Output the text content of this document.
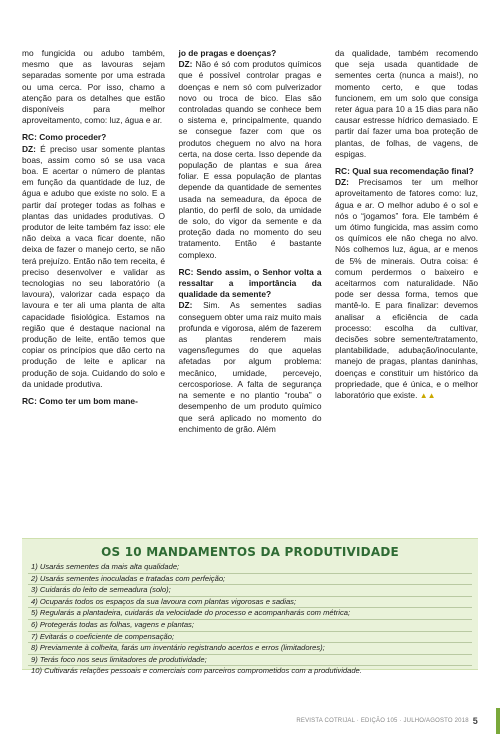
mo fungicida ou adubo também, mesmo que as lavouras sejam separadas somente por uma estrada ou uma cerca. Por isso, chamo a atenção para os detalhes que estão disponíveis para melhor aproveitamento, como: luz, água e ar.

RC: Como proceder?

DZ: É preciso usar somente plantas boas, assim como só se usa vaca boa. E acertar o número de plantas em função da quantidade de luz, de água e adubo que existe no solo. E a partir daí proteger todas as folhas e plantas das unidades produtivas. O produtor de leite também faz isso: ele não deixa a vaca ficar doente, não deixa de fazer o manejo certo, se não terá prejuízo. Então não tem receita, é preciso desenvolver e validar as tecnologias no seu laboratório (a lavoura), valorizar cada espaço da lavoura e ter ali uma planta de alta capacidade fisiológica. Estamos na região que é destaque nacional na produção de leite, então temos que copiar os princípios que dão certo na produção de leite e aplicar na produção de soja. Cuidando do solo e da unidade produtiva.

RC: Como ter um bom mane-
jo de pragas e doenças?

DZ: Não é só com produtos químicos que é possível controlar pragas e doenças e nem só com pulverizador novo ou troca de bico. Elas são controladas quando se conhece bem o sistema e, principalmente, quando se consegue fazer com que os produtos cheguem no alvo na hora certa, na dose certa. Isso depende da população de plantas e sua área foliar. E essa população de plantas depende da quantidade de sementes usada na semeadura, da época de plantio, do perfil de solo, da umidade de solo, do vigor da semente e da proteção dada no momento do seu tratamento. Então é bastante complexo.

RC: Sendo assim, o Senhor volta a ressaltar a importância da qualidade da semente?

DZ: Sim. As sementes sadias conseguem obter uma raiz muito mais profunda e vigorosa, além de fazerem as plantas renderem mais vagens/legumes do que aquelas afetadas por algum problema: mecânico, umidade, percevejo, cercosporiose. A falta de segurança na semente e no plantio “rouba” o desempenho de um produto químico que será aplicado no momento do enchimento de grão. Além

da qualidade, também recomendo que seja usada quantidade de sementes certa (nunca a mais!), no momento certo, e que todas funcionem, em um solo que consiga reter água para 10 a 15 dias para não causar estresse hídrico demasiado. E partir daí fazer uma boa proteção de plantas, de folhas, de vagens, de espigas.

RC: Qual sua recomendação final?

DZ: Precisamos ter um melhor aproveitamento de fatores como: luz, água e ar. O melhor adubo é o sol e nós o “jogamos” fora. Ele também é um ótimo fungicida, mas assim como os químicos ele não chega no alvo. Nós colhemos luz, água, ar e menos de 5% de minerais. Outra coisa: é comum perdermos o baixeiro e aceitarmos com naturalidade. Não pode ser dessa forma, temos que mantê-lo. E para finalizar: devemos analisar a eficiência de cada processo: escolha da cultivar, decisões sobre semente/tratamento, plantabilidade, adubação/inoculante, manejo de pragas, plantas daninhas, doenças e constituir um histórico da propriedade, que é única, e o melhor laboratório que existe. ▲▲

OS 10 MANDAMENTOS DA PRODUTIVIDADE
1) Usarás sementes da mais alta qualidade;
2) Usarás sementes inoculadas e tratadas com perfeição;
3) Cuidarás do leito de semeadura (solo);
4) Ocuparás todos os espaços da sua lavoura com plantas vigorosas e sadias;
5) Regularás a plantadeira, cuidarás da velocidade do processo e acompanharás com métrica;
6) Protegerás todas as folhas, vagens e plantas;
7) Evitarás o coeficiente de compensação;
8) Previamente à colheita, farás um inventário registrando acertos e erros (limitadores);
9) Terás foco nos seus limitadores de produtividade;
10) Cultivarás relações pessoais e comerciais com parceiros comprometidos com a produtividade.
REVISTA COTRIJAL · EDIÇÃO 105 · JULHO/AGOSTO 2018 5
